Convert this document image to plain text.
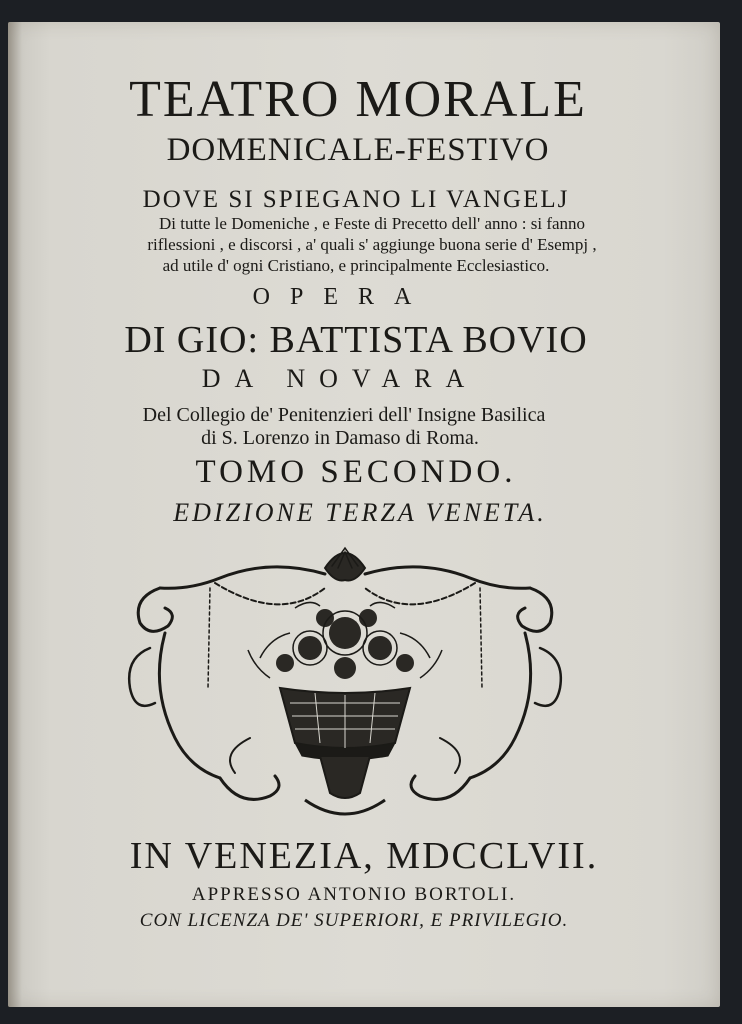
TEATRO MORALE
DOMENICALE-FESTIVO
DOVE SI SPIEGANO LI VANGELJ
Di tutte le Domeniche , e Feste di Precetto dell' anno : si fanno
riflessioni , e discorsi , a' quali s' aggiunge buona serie d' Esempj ,
ad utile d' ogni Cristiano, e principalmente Ecclesiastico.
OPERA
DI GIO: BATTISTA BOVIO
DA NOVARA
Del Collegio de' Penitenzieri dell' Insigne Basilica
di S. Lorenzo in Damaso di Roma.
TOMO SECONDO.
EDIZIONE TERZA VENETA.
IN VENEZIA, MDCCLVII.
APPRESSO ANTONIO BORTOLI.
CON LICENZA DE' SUPERIORI, E PRIVILEGIO.
